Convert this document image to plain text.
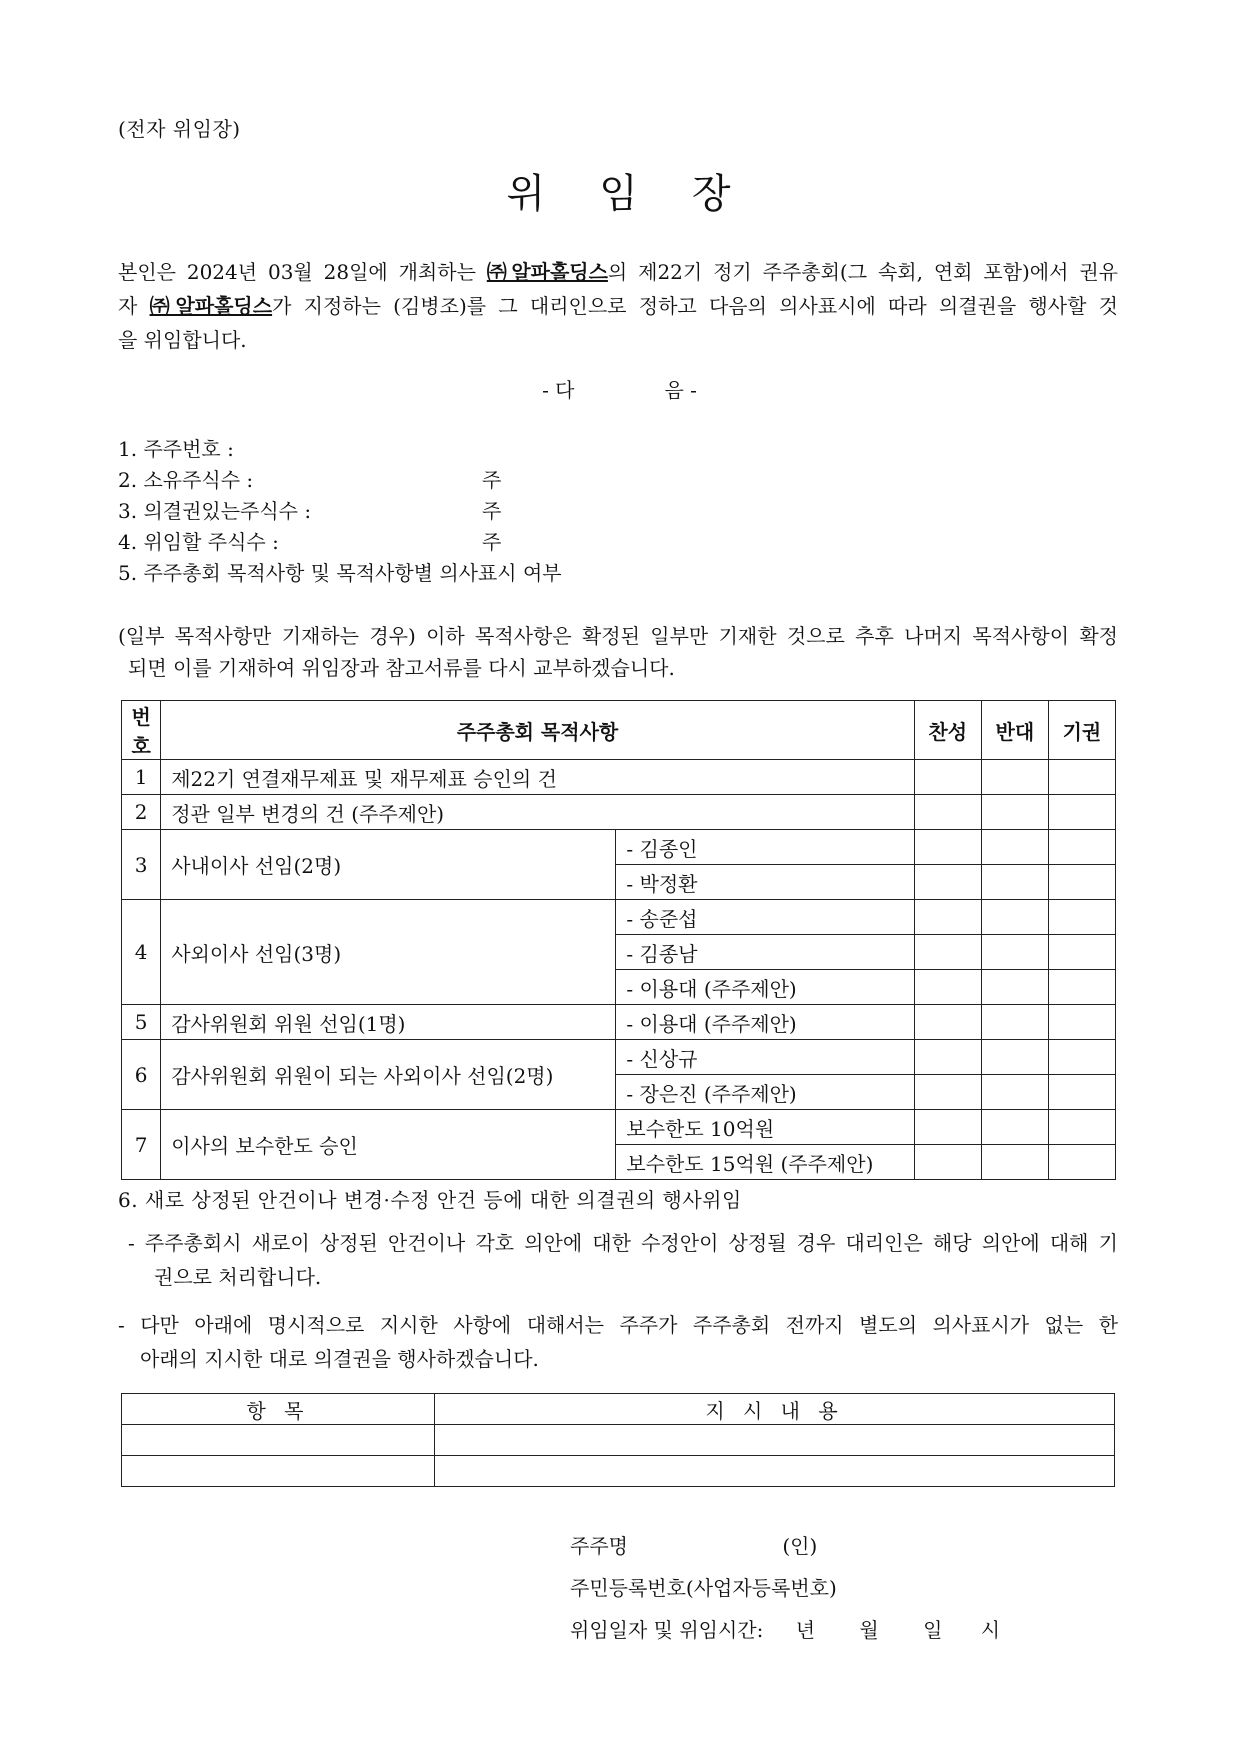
(전자 위임장)
위 임 장
본인은 2024년 03월 28일에 개최하는 ㈜알파홀딩스의 제22기 정기 주주총회(그 속회, 연회 포함)에서 권유
자 ㈜알파홀딩스가 지정하는 (김병조)를 그 대리인으로 정하고 다음의 의사표시에 따라 의결권을 행사할 것
을 위임합니다.
- 다	음 -
1. 주주번호 :
2. 소유주식수 :	주
3. 의결권있는주식수 :	주
4. 위임할 주식수 :	주
5. 주주총회 목적사항 및 목적사항별 의사표시 여부
(일부 목적사항만 기재하는 경우) 이하 목적사항은 확정된 일부만 기재한 것으로 추후 나머지 목적사항이 확정
되면 이를 기재하여 위임장과 참고서류를 다시 교부하겠습니다.
번호	주주총회 목적사항		찬성	반대	기권
1	제22기 연결재무제표 및 재무제표 승인의 건				
2	정관 일부 변경의 건 (주주제안)				
3	사내이사 선임(2명)	- 김종인			
		- 박정환			
4	사외이사 선임(3명)	- 송준섭			
		- 김종남			
		- 이용대 (주주제안)			
5	감사위원회 위원 선임(1명)	- 이용대 (주주제안)			
6	감사위원회 위원이 되는 사외이사 선임(2명)	- 신상규			
		- 장은진 (주주제안)			
7	이사의 보수한도 승인	보수한도 10억원			
		보수한도 15억원 (주주제안)			
6. 새로 상정된 안건이나 변경·수정 안건 등에 대한 의결권의 행사위임
- 주주총회시 새로이 상정된 안건이나 각호 의안에 대한 수정안이 상정될 경우 대리인은 해당 의안에 대해 기
권으로 처리합니다.
- 다만 아래에 명시적으로 지시한 사항에 대해서는 주주가 주주총회 전까지 별도의 의사표시가 없는 한
아래의 지시한 대로 의결권을 행사하겠습니다.
항 목	지 시 내 용

주주명	(인)
주민등록번호(사업자등록번호)
위임일자 및 위임시간: 년 월 일 시
